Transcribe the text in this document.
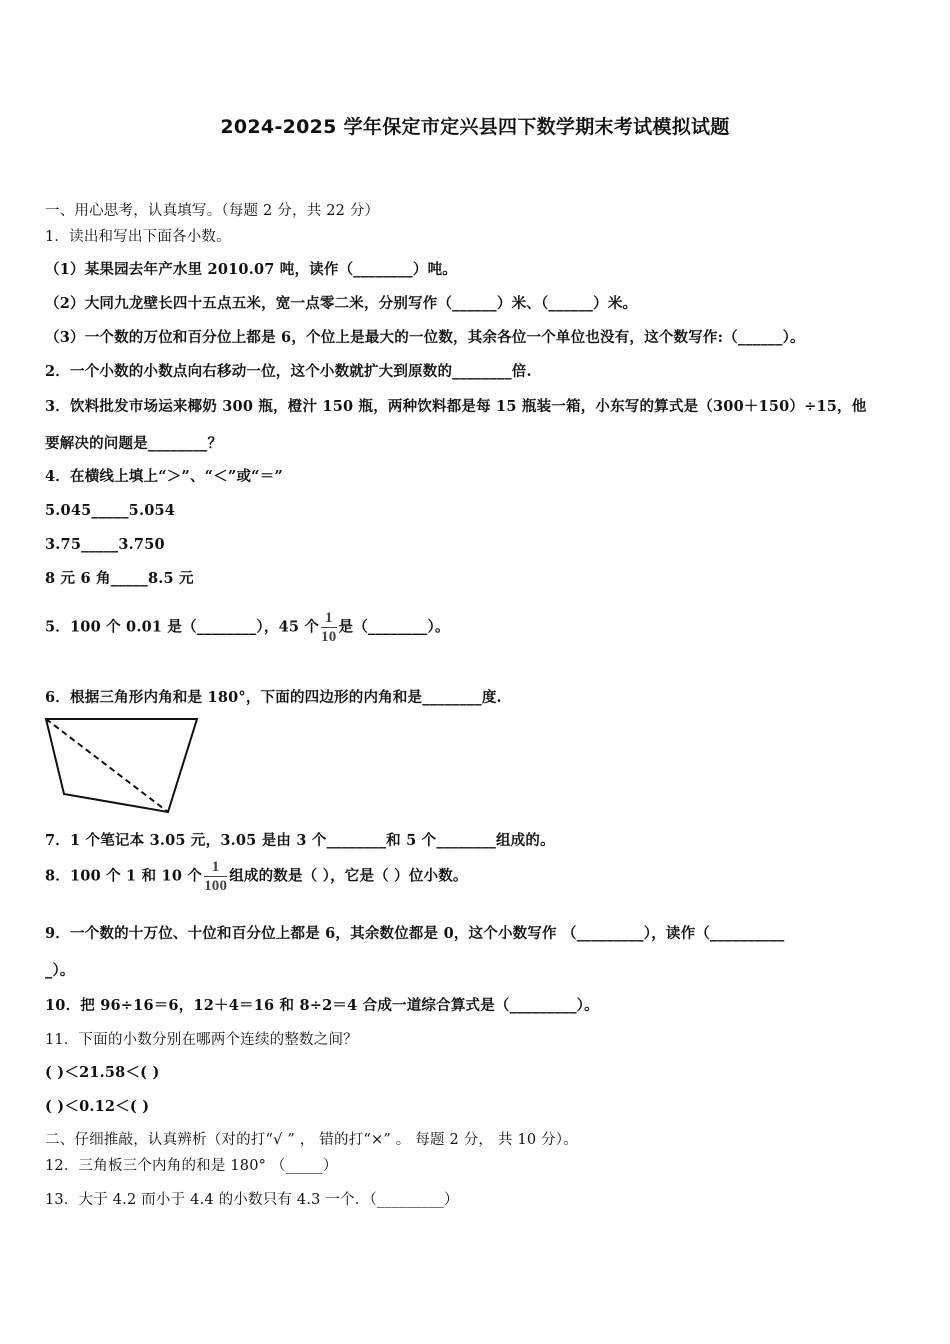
2024-2025 学年保定市定兴县四下数学期末考试模拟试题
一、用心思考，认真填写。（每题 2 分，共 22 分）
1．读出和写出下面各小数。
（1）某果园去年产水里 2010.07 吨，读作（________）吨。
（2）大同九龙壁长四十五点五米，宽一点零二米，分别写作（______）米、（______）米。
（3）一个数的万位和百分位上都是 6，个位上是最大的一位数，其余各位一个单位也没有，这个数写作:（______）。
2．一个小数的小数点向右移动一位，这个小数就扩大到原数的________倍.
3．饮料批发市场运来椰奶 300 瓶，橙汁 150 瓶，两种饮料都是每 15 瓶装一箱，小东写的算式是（300＋150）÷15，他
要解决的问题是________？
4．在横线上填上“＞”、“＜”或“＝”
5.045_____5.054
3.75_____3.750
8 元 6 角_____8.5 元
5．100 个 0.01 是（________），45 个 $\frac{1}{10}$ 是（________）。
6．根据三角形内角和是 180°，下面的四边形的内角和是________度.
7．1 个笔记本 3.05 元，3.05 是由 3 个________和 5 个________组成的。
8．100 个 1 和 10 个 $\frac{1}{100}$ 组成的数是（ ），它是（ ）位小数。
9．一个数的十万位、十位和百分位上都是 6，其余数位都是 0，这个小数写作 （_________），读作（__________
_）。
10．把 96÷16＝6，12＋4＝16 和 8÷2＝4 合成一道综合算式是（_________）。
11．下面的小数分别在哪两个连续的整数之间？
( )＜21.58＜( )
( )＜0.12＜( )
二、仔细推敲，认真辨析（对的打“√ ” ， 错的打“×” 。 每题 2 分， 共 10 分）。
12．三角板三个内角的和是 180° （_____）
13．大于 4.2 而小于 4.4 的小数只有 4.3 一个．（_________）
